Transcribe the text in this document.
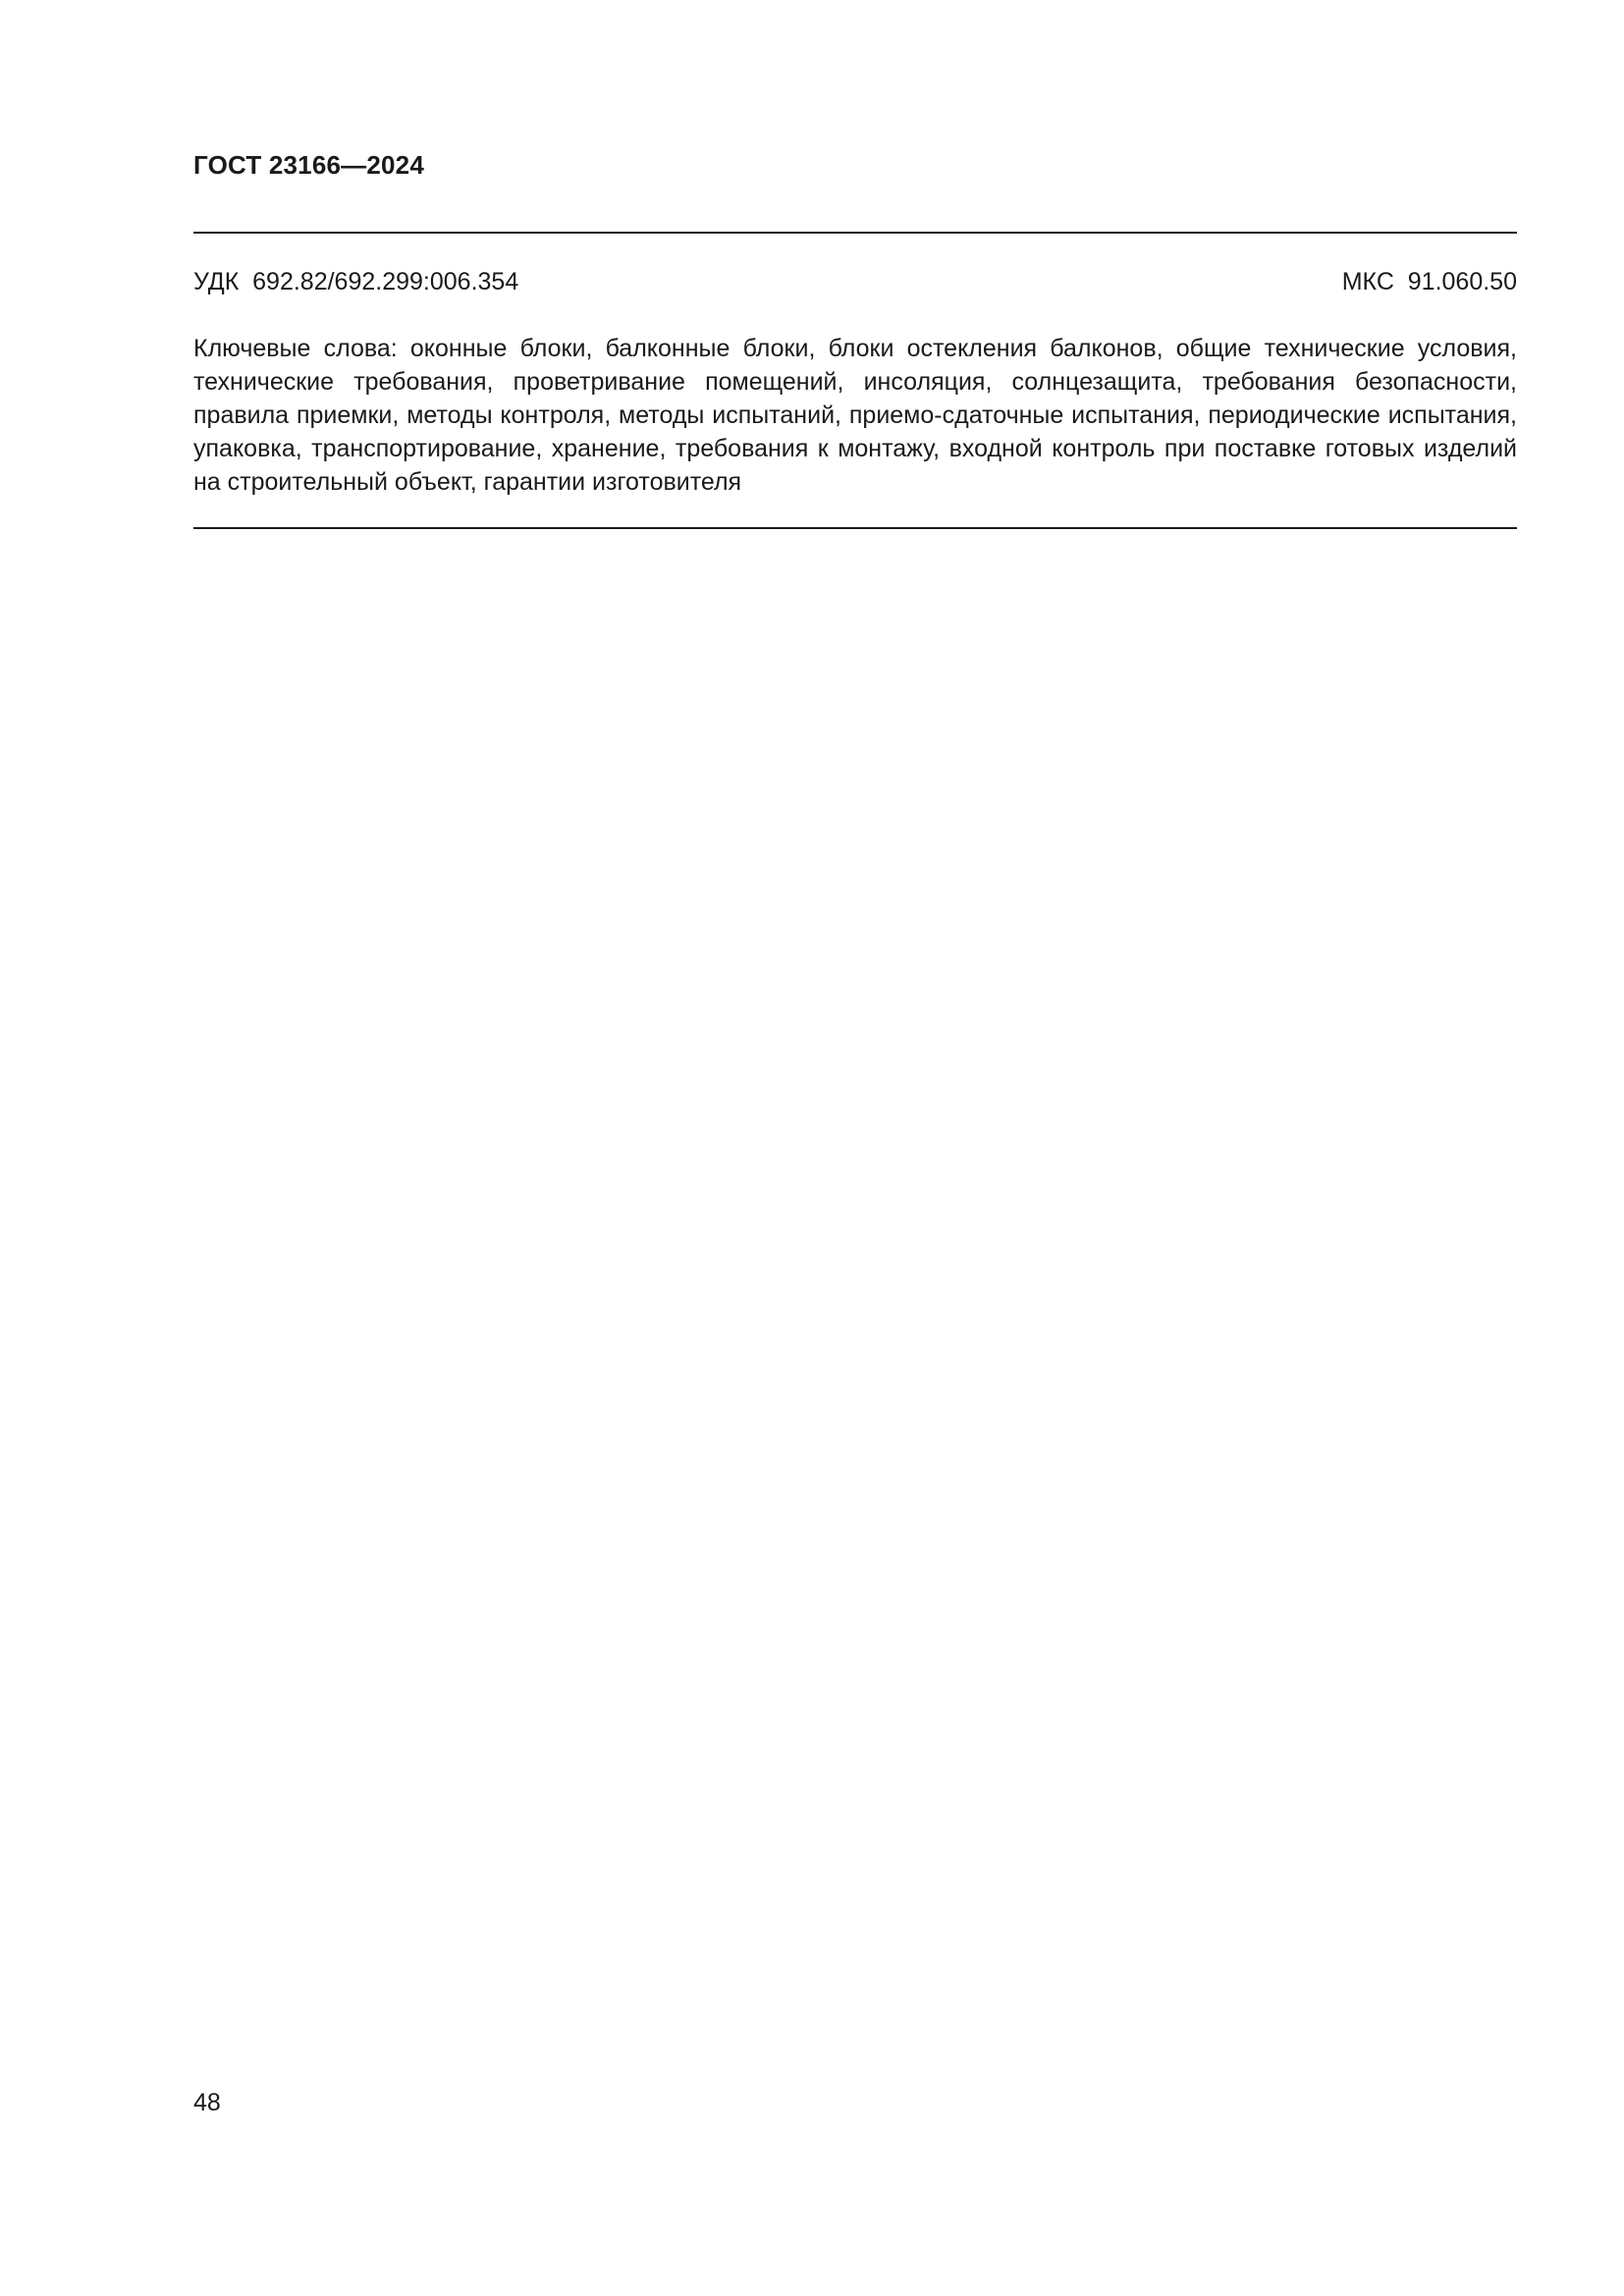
ГОСТ 23166—2024
УДК  692.82/692.299:006.354	МКС  91.060.50

Ключевые слова: оконные блоки, балконные блоки, блоки остекления балконов, общие технические условия, технические требования, проветривание помещений, инсоляция, солнцезащита, требования безопасности, правила приемки, методы контроля, методы испытаний, приемо-сдаточные испытания, периодические испытания, упаковка, транспортирование, хранение, требования к монтажу, входной контроль при поставке готовых изделий на строительный объект, гарантии изготовителя

48
